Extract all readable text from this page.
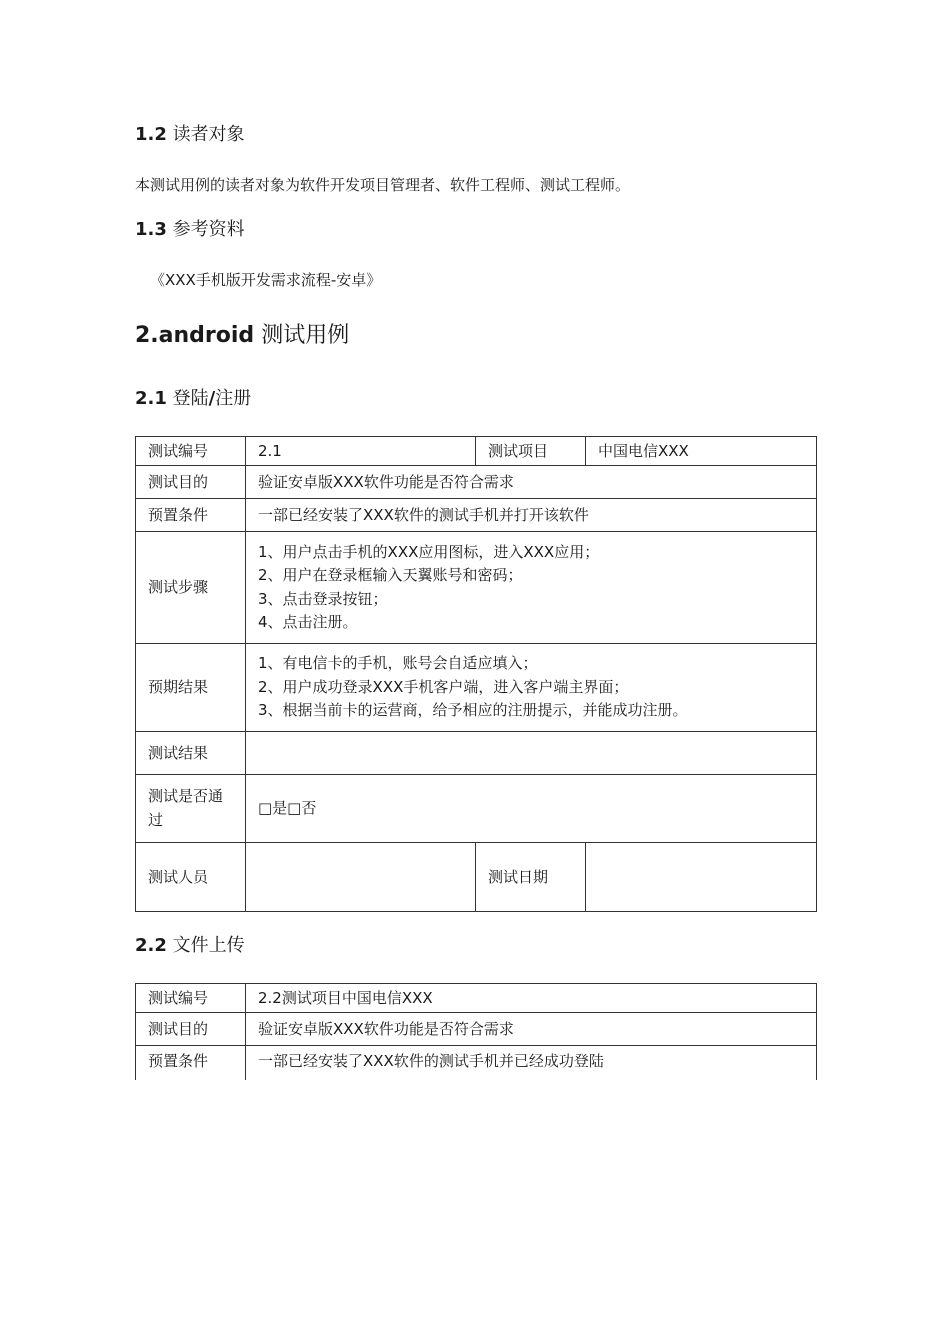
1.2 读者对象
本测试用例的读者对象为软件开发项目管理者、软件工程师、测试工程师。
1.3 参考资料
《XXX手机版开发需求流程-安卓》
2.android 测试用例
2.1 登陆/注册
测试编号	2.1	测试项目	中国电信XXX
测试目的	验证安卓版XXX软件功能是否符合需求		
预置条件	一部已经安装了XXX软件的测试手机并打开该软件		
测试步骤	1、用户点击手机的XXX应用图标，进入XXX应用；
2、用户在登录框输入天翼账号和密码；
3、点击登录按钮；
4、点击注册。		

预期结果	1、有电信卡的手机，账号会自适应填入；
2、用户成功登录XXX手机客户端，进入客户端主界面；
3、根据当前卡的运营商，给予相应的注册提示，并能成功注册。		

测试结果			

测试是否通
过	□是□否		
测试人员		测试日期	
2.2 文件上传
测试编号	2.2测试项目中国电信XXX
测试目的	验证安卓版XXX软件功能是否符合需求
预置条件	一部已经安装了XXX软件的测试手机并已经成功登陆
